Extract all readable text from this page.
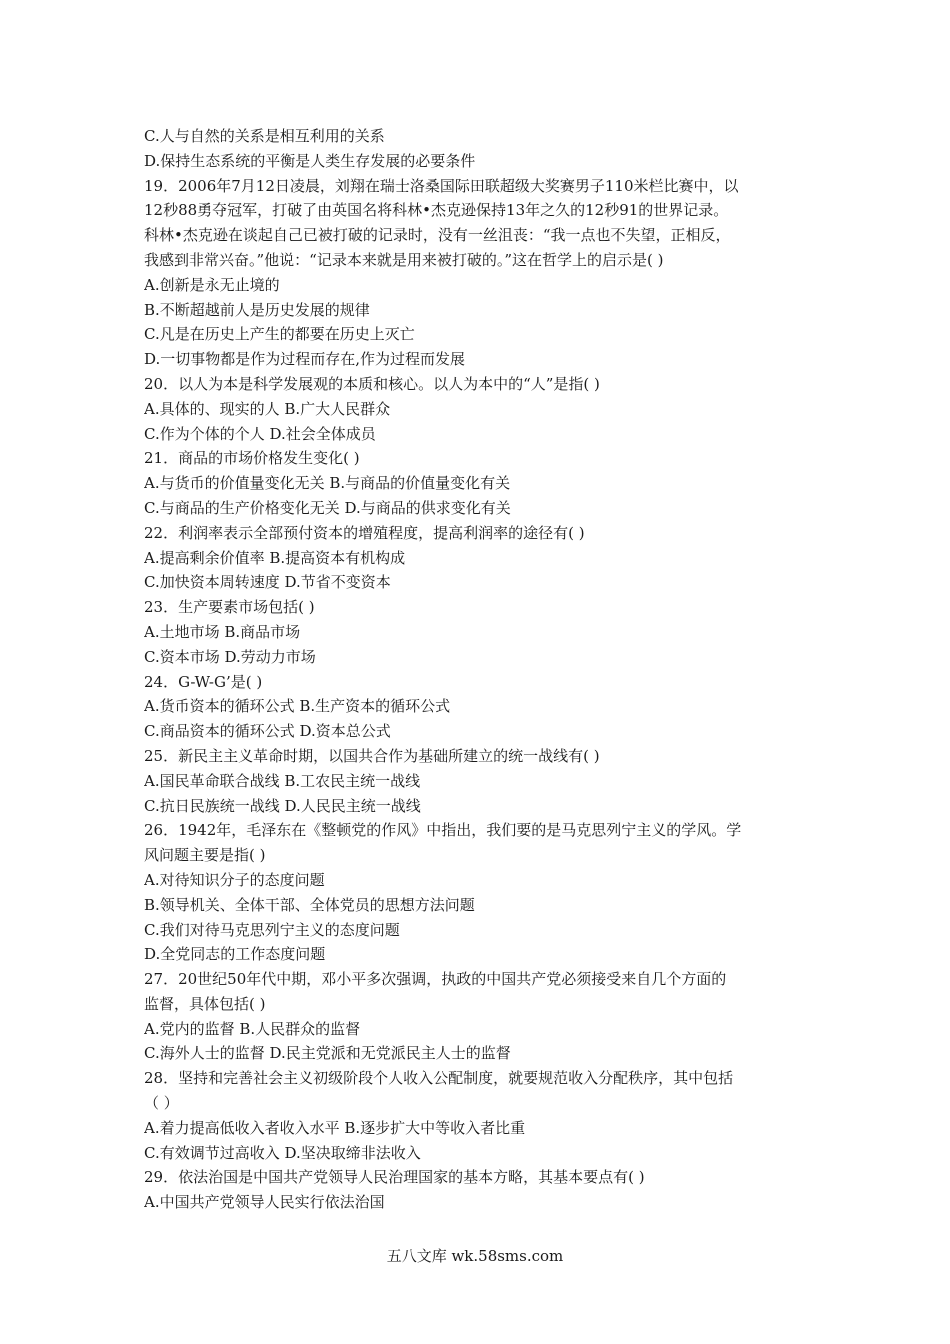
C.人与自然的关系是相互利用的关系
D.保持生态系统的平衡是人类生存发展的必要条件
19．2006年7月12日凌晨，刘翔在瑞士洛桑国际田联超级大奖赛男子110米栏比赛中，以
12秒88勇夺冠军，打破了由英国名将科林•杰克逊保持13年之久的12秒91的世界记录。
科林•杰克逊在谈起自己已被打破的记录时，没有一丝沮丧：“我一点也不失望，正相反，
我感到非常兴奋。”他说：“记录本来就是用来被打破的。”这在哲学上的启示是( )
A.创新是永无止境的
B.不断超越前人是历史发展的规律
C.凡是在历史上产生的都要在历史上灭亡
D.一切事物都是作为过程而存在,作为过程而发展
20．以人为本是科学发展观的本质和核心。以人为本中的“人”是指( )
A.具体的、现实的人 B.广大人民群众
C.作为个体的个人 D.社会全体成员
21．商品的市场价格发生变化( )
A.与货币的价值量变化无关 B.与商品的价值量变化有关
C.与商品的生产价格变化无关 D.与商品的供求变化有关
22．利润率表示全部预付资本的增殖程度，提高利润率的途径有( )
A.提高剩余价值率 B.提高资本有机构成
C.加快资本周转速度 D.节省不变资本
23．生产要素市场包括( )
A.土地市场 B.商品市场
C.资本市场 D.劳动力市场
24．G-W-G’是( )
A.货币资本的循环公式 B.生产资本的循环公式
C.商品资本的循环公式 D.资本总公式
25．新民主主义革命时期，以国共合作为基础所建立的统一战线有( )
A.国民革命联合战线 B.工农民主统一战线
C.抗日民族统一战线 D.人民民主统一战线
26．1942年，毛泽东在《整顿党的作风》中指出，我们要的是马克思列宁主义的学风。学
风问题主要是指( )
A.对待知识分子的态度问题
B.领导机关、全体干部、全体党员的思想方法问题
C.我们对待马克思列宁主义的态度问题
D.全党同志的工作态度问题
27．20世纪50年代中期，邓小平多次强调，执政的中国共产党必须接受来自几个方面的
监督，具体包括( )
A.党内的监督 B.人民群众的监督
C.海外人士的监督 D.民主党派和无党派民主人士的监督
28．坚持和完善社会主义初级阶段个人收入公配制度，就要规范收入分配秩序，其中包括
（ ）
A.着力提高低收入者收入水平 B.逐步扩大中等收入者比重
C.有效调节过高收入 D.坚决取缔非法收入
29．依法治国是中国共产党领导人民治理国家的基本方略，其基本要点有( )
A.中国共产党领导人民实行依法治国
五八文库 wk.58sms.com
